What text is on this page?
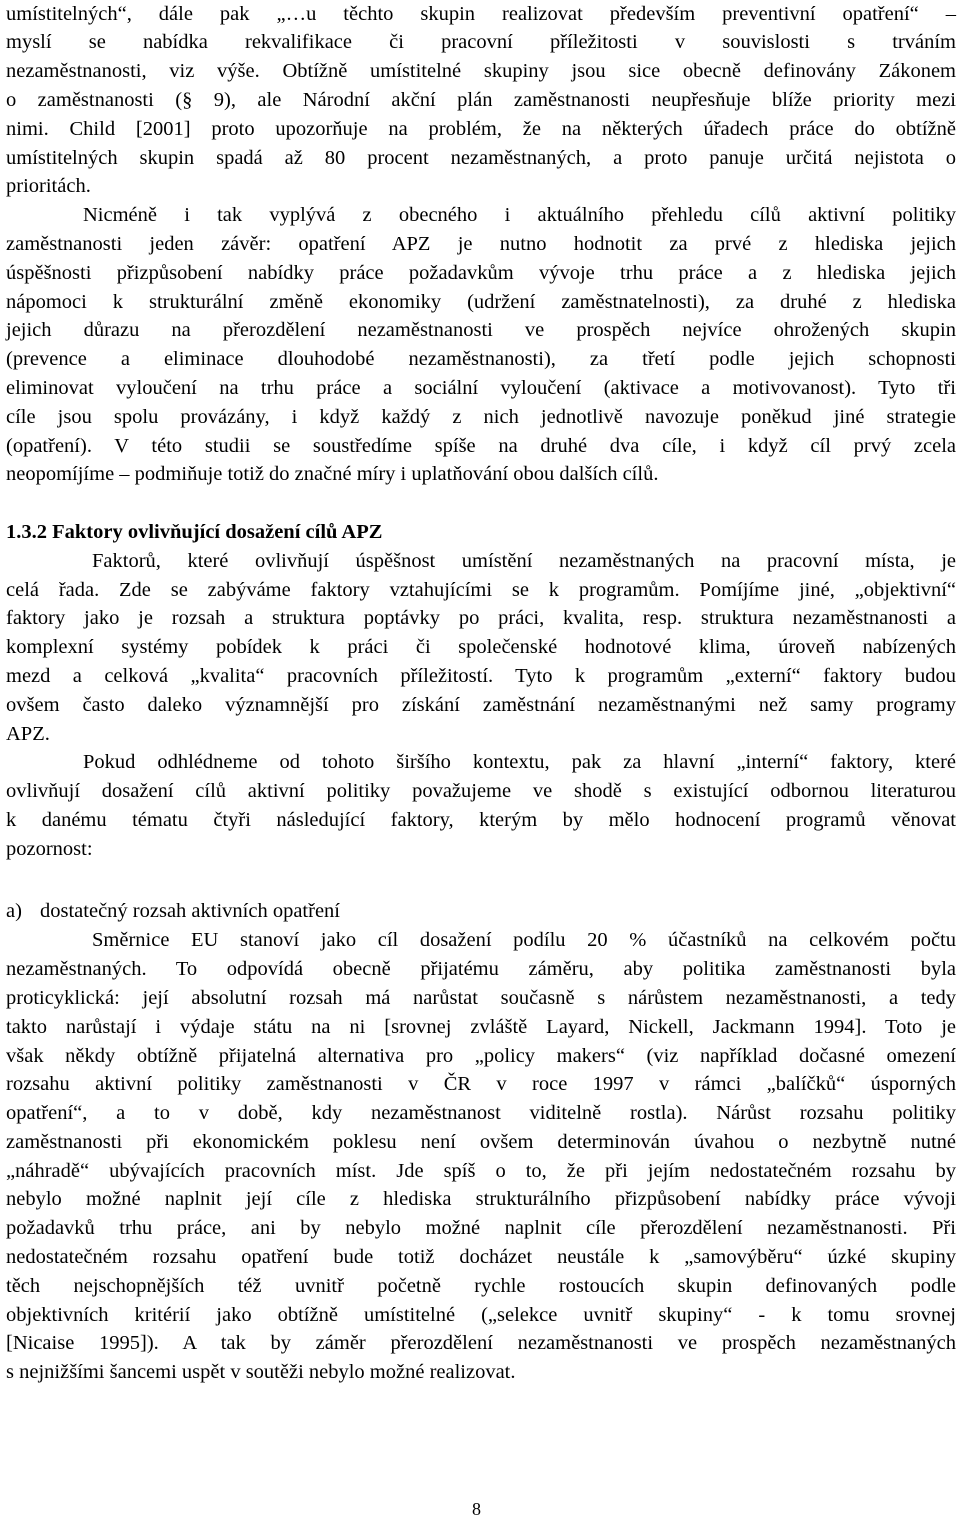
umístitelných“, dále pak „…u těchto skupin realizovat především preventivní opatření“ –
myslí se nabídka rekvalifikace či pracovní příležitosti v souvislosti s trváním
nezaměstnanosti, viz výše. Obtížně umístitelné skupiny jsou sice obecně definovány Zákonem
o zaměstnanosti (§ 9), ale Národní akční plán zaměstnanosti neupřesňuje blíže priority mezi
nimi. Child [2001] proto upozorňuje na problém, že na některých úřadech práce do obtížně
umístitelných skupin spadá až 80 procent nezaměstnaných, a proto panuje určitá nejistota o
prioritách.
Nicméně i tak vyplývá z obecného i aktuálního přehledu cílů aktivní politiky
zaměstnanosti jeden závěr: opatření APZ je nutno hodnotit za prvé z hlediska jejich
úspěšnosti přizpůsobení nabídky práce požadavkům vývoje trhu práce a z hlediska jejich
nápomoci k strukturální změně ekonomiky (udržení zaměstnatelnosti), za druhé z hlediska
jejich důrazu na přerozdělení nezaměstnanosti ve prospěch nejvíce ohrožených skupin
(prevence a eliminace dlouhodobé nezaměstnanosti), za třetí podle jejich schopnosti
eliminovat vyloučení na trhu práce a sociální vyloučení (aktivace a motivovanost). Tyto tři
cíle jsou spolu provázány, i když každý z nich jednotlivě navozuje poněkud jiné strategie
(opatření). V této studii se soustředíme spíše na druhé dva cíle, i když cíl prvý zcela
neopomíjíme – podmiňuje totiž do značné míry i uplatňování obou dalších cílů.
1.3.2 Faktory ovlivňující dosažení cílů APZ
Faktorů, které ovlivňují úspěšnost umístění nezaměstnaných na pracovní místa, je
celá řada. Zde se zabýváme faktory vztahujícími se k programům. Pomíjíme jiné, „objektivní“
faktory jako je rozsah a struktura poptávky po práci, kvalita, resp. struktura nezaměstnanosti a
komplexní systémy pobídek k práci či společenské hodnotové klima, úroveň nabízených
mezd a celková „kvalita“ pracovních příležitostí. Tyto k programům „externí“ faktory budou
ovšem často daleko významnější pro získání zaměstnání nezaměstnanými než samy programy
APZ.
Pokud odhlédneme od tohoto širšího kontextu, pak za hlavní „interní“ faktory, které
ovlivňují dosažení cílů aktivní politiky považujeme ve shodě s existující odbornou literaturou
k danému tématu čtyři následující faktory, kterým by mělo hodnocení programů věnovat
pozornost:
a) dostatečný rozsah aktivních opatření
Směrnice EU stanoví jako cíl dosažení podílu 20 % účastníků na celkovém počtu
nezaměstnaných. To odpovídá obecně přijatému záměru, aby politika zaměstnanosti byla
proticyklická: její absolutní rozsah má narůstat současně s nárůstem nezaměstnanosti, a tedy
takto narůstají i výdaje státu na ni [srovnej zvláště Layard, Nickell, Jackmann 1994]. Toto je
však někdy obtížně přijatelná alternativa pro „policy makers“ (viz například dočasné omezení
rozsahu aktivní politiky zaměstnanosti v ČR v roce 1997 v rámci „balíčků“ úsporných
opatření“, a to v době, kdy nezaměstnanost viditelně rostla). Nárůst rozsahu politiky
zaměstnanosti při ekonomickém poklesu není ovšem determinován úvahou o nezbytně nutné
„náhradě“ ubývajících pracovních míst. Jde spíš o to, že při jejím nedostatečném rozsahu by
nebylo možné naplnit její cíle z hlediska strukturálního přizpůsobení nabídky práce vývoji
požadavků trhu práce, ani by nebylo možné naplnit cíle přerozdělení nezaměstnanosti. Při
nedostatečném rozsahu opatření bude totiž docházet neustále k „samovýběru“ úzké skupiny
těch nejschopnějších též uvnitř početně rychle rostoucích skupin definovaných podle
objektivních kritérií jako obtížně umístitelné („selekce uvnitř skupiny“ - k tomu srovnej
[Nicaise 1995]). A tak by záměr přerozdělení nezaměstnanosti ve prospěch nezaměstnaných
s nejnižšími šancemi uspět v soutěži nebylo možné realizovat.
8
